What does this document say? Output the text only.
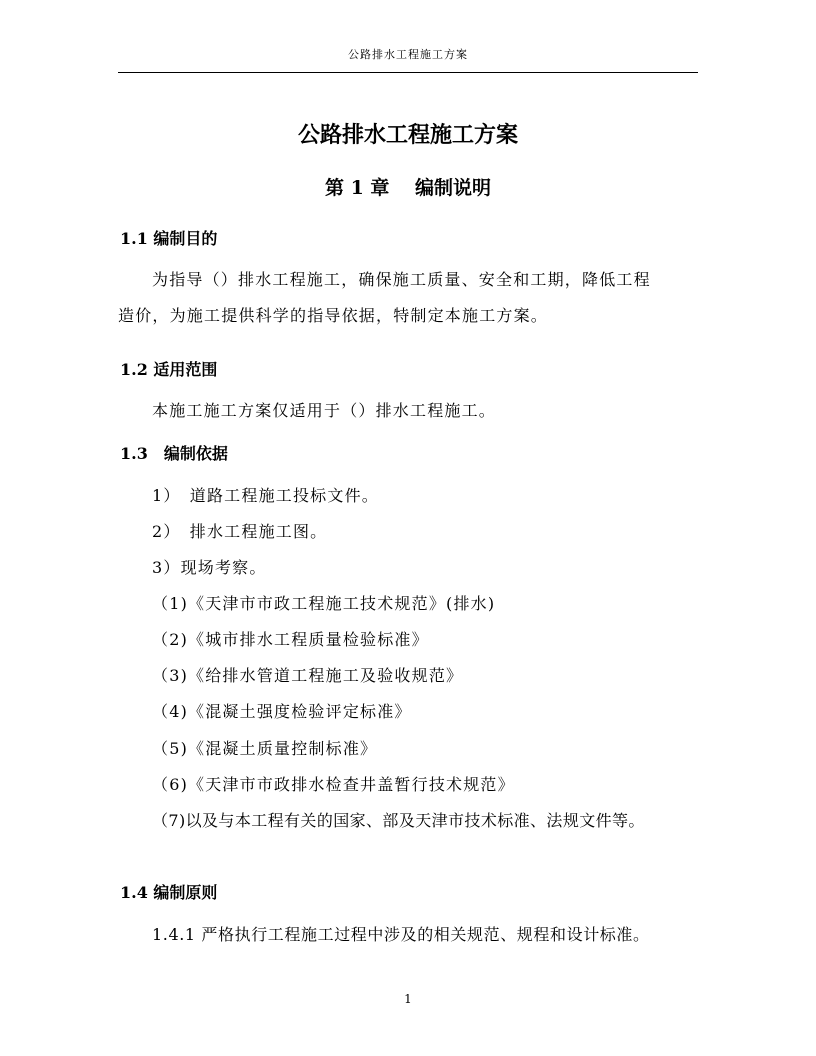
公路排水工程施工方案
公路排水工程施工方案
第 1 章　 编制说明
1.1 编制目的
为指导（）排水工程施工，确保施工质量、安全和工期，降低工程
造价，为施工提供科学的指导依据，特制定本施工方案。
1.2 适用范围
本施工施工方案仅适用于（）排水工程施工。
1.3　编制依据
1）　道路工程施工投标文件。
2）　排水工程施工图。
3）现场考察。
（1)《天津市市政工程施工技术规范》(排水)
（2)《城市排水工程质量检验标准》
（3)《给排水管道工程施工及验收规范》
（4)《混凝土强度检验评定标准》
（5)《混凝土质量控制标准》
（6)《天津市市政排水检查井盖暂行技术规范》
（7)以及与本工程有关的国家、部及天津市技术标准、法规文件等。
1.4 编制原则
1.4.1 严格执行工程施工过程中涉及的相关规范、规程和设计标准。
1
